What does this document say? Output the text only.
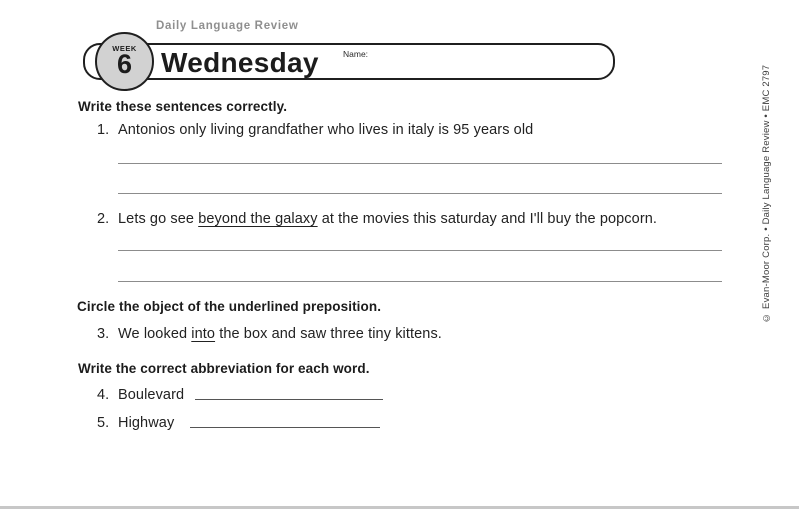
Daily Language Review
WEEK
6 Wednesday	Name:
Write these sentences correctly.
1. Antonios only living grandfather who lives in italy is 95 years old
2. Lets go see beyond the galaxy at the movies this saturday and I'll buy the popcorn.
Circle the object of the underlined preposition.
3. We looked into the box and saw three tiny kittens.
Write the correct abbreviation for each word.
4. Boulevard
5. Highway
© Evan-Moor Corp. • Daily Language Review • EMC 2797
